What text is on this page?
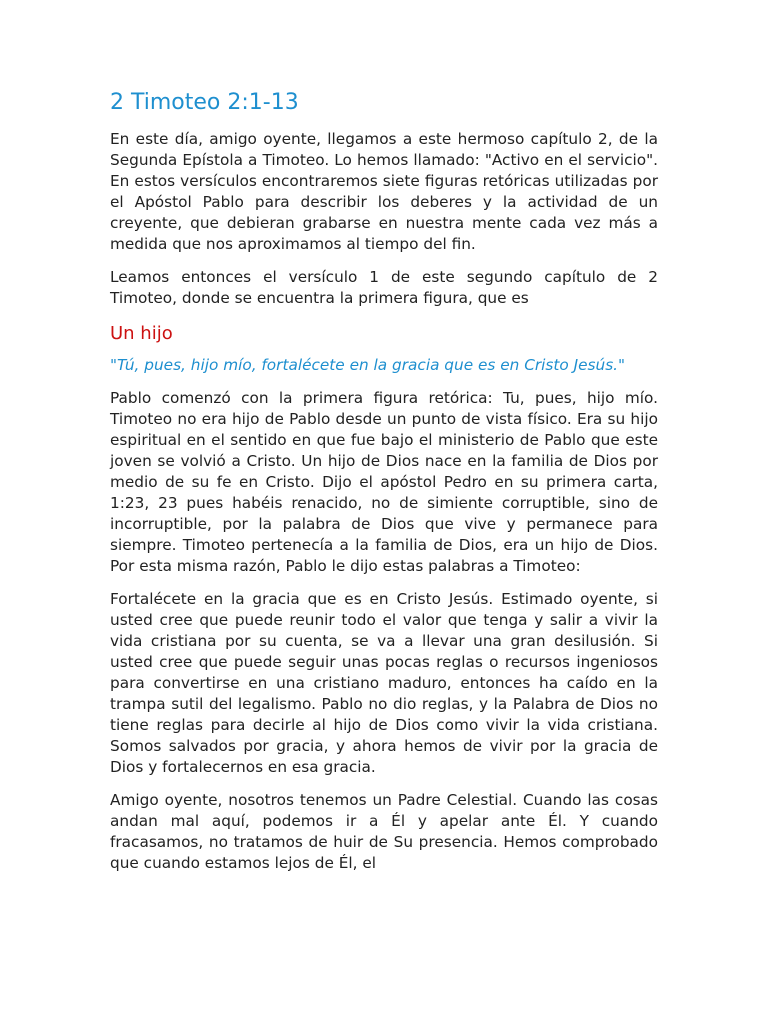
2 Timoteo 2:1-13

En este día, amigo oyente, llegamos a este hermoso capítulo 2, de la Segunda Epístola a Timoteo. Lo hemos llamado: "Activo en el servicio". En estos versículos encontraremos siete figuras retóricas utilizadas por el Apóstol Pablo para describir los deberes y la actividad de un creyente, que debieran grabarse en nuestra mente cada vez más a medida que nos aproximamos al tiempo del fin.

Leamos entonces el versículo 1 de este segundo capítulo de 2 Timoteo, donde se encuentra la primera figura, que es

Un hijo

"Tú, pues, hijo mío, fortalécete en la gracia que es en Cristo Jesús."

Pablo comenzó con la primera figura retórica: Tu, pues, hijo mío. Timoteo no era hijo de Pablo desde un punto de vista físico. Era su hijo espiritual en el sentido en que fue bajo el ministerio de Pablo que este joven se volvió a Cristo. Un hijo de Dios nace en la familia de Dios por medio de su fe en Cristo. Dijo el apóstol Pedro en su primera carta, 1:23, 23 pues habéis renacido, no de simiente corruptible, sino de incorruptible, por la palabra de Dios que vive y permanece para siempre. Timoteo pertenecía a la familia de Dios, era un hijo de Dios. Por esta misma razón, Pablo le dijo estas palabras a Timoteo:

Fortalécete en la gracia que es en Cristo Jesús. Estimado oyente, si usted cree que puede reunir todo el valor que tenga y salir a vivir la vida cristiana por su cuenta, se va a llevar una gran desilusión. Si usted cree que puede seguir unas pocas reglas o recursos ingeniosos para convertirse en una cristiano maduro, entonces ha caído en la trampa sutil del legalismo. Pablo no dio reglas, y la Palabra de Dios no tiene reglas para decirle al hijo de Dios como vivir la vida cristiana. Somos salvados por gracia, y ahora hemos de vivir por la gracia de Dios y fortalecernos en esa gracia.

Amigo oyente, nosotros tenemos un Padre Celestial. Cuando las cosas andan mal aquí, podemos ir a Él y apelar ante Él. Y cuando fracasamos, no tratamos de huir de Su presencia. Hemos comprobado que cuando estamos lejos de Él, el
